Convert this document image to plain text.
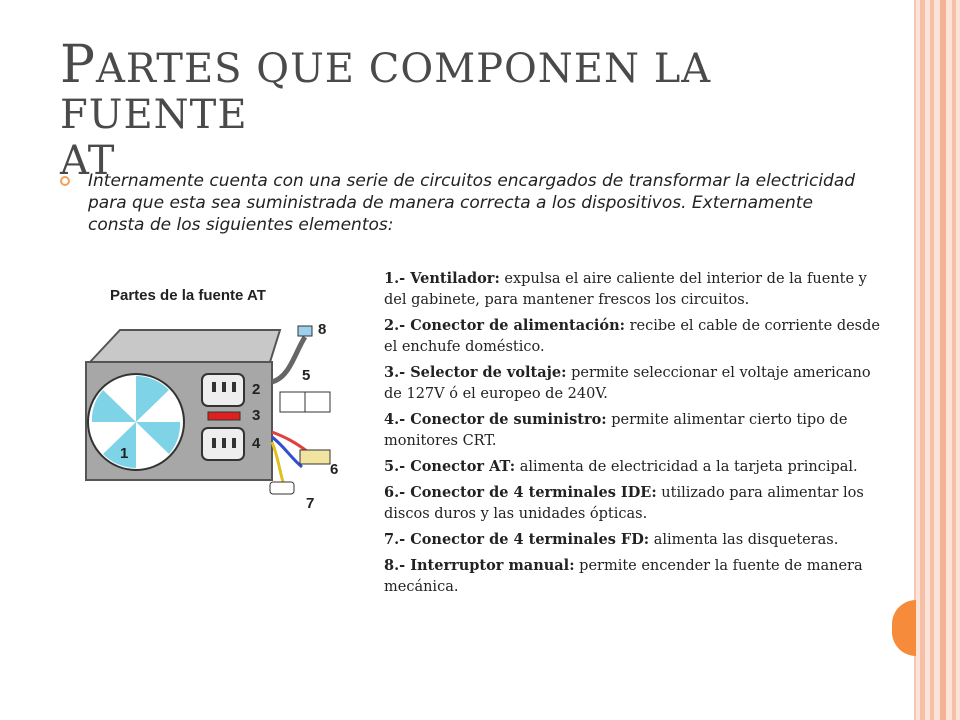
PARTES QUE COMPONEN LA FUENTE
AT
Internamente cuenta con una serie de circuitos encargados de transformar la electricidad para que esta sea suministrada de manera correcta a los dispositivos. Externamente consta de los siguientes elementos:
Partes de la fuente AT
1
2
3
4
5
6
7
8
1.- Ventilador: expulsa el aire caliente del interior de la fuente y del gabinete, para mantener frescos los circuitos.
2.- Conector de alimentación: recibe el cable de corriente desde el enchufe doméstico.
3.- Selector de voltaje: permite seleccionar el voltaje americano de 127V ó el europeo de 240V.
4.- Conector de suministro: permite alimentar cierto tipo de monitores CRT.
5.- Conector AT: alimenta de electricidad a la tarjeta principal.
6.- Conector de 4 terminales IDE: utilizado para alimentar los discos duros y las unidades ópticas.
7.- Conector de 4 terminales FD: alimenta las disqueteras.
8.- Interruptor manual: permite encender la fuente de manera mecánica.
